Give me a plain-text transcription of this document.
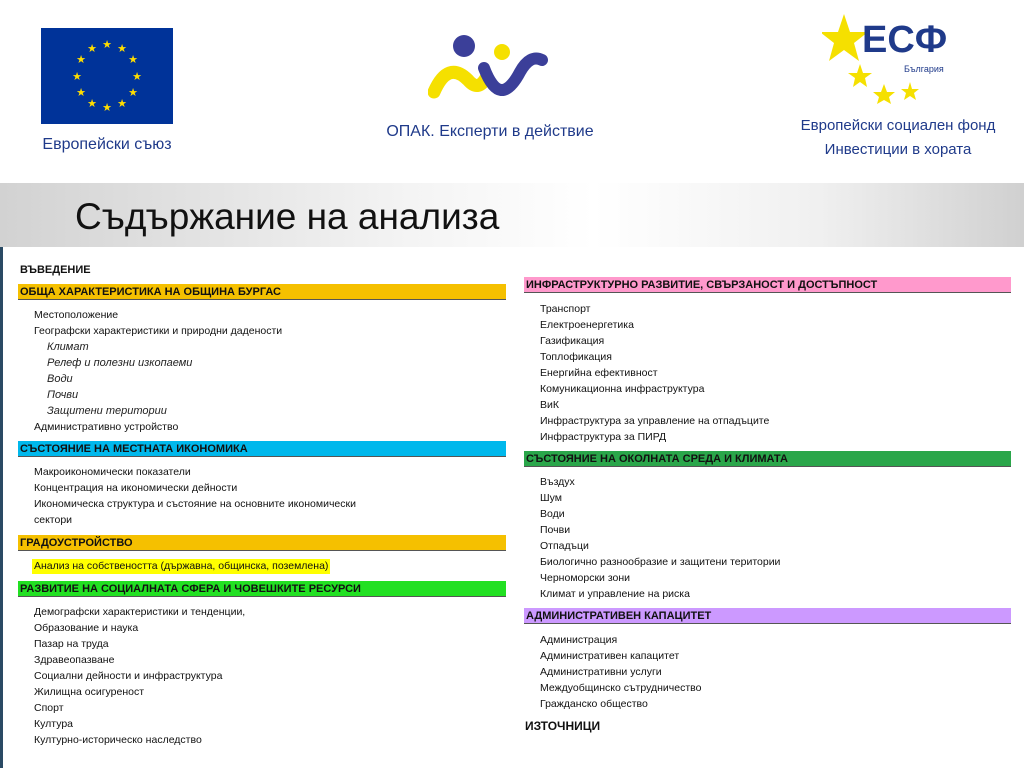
★ ★
★
★
★
★
★
★
★
★
★
★
Европейски съюз
ОПАК. Експерти в действие
ЕСФ
България
Европейски социален фонд
Инвестиции в хората
Съдържание на анализа
ВЪВЕДЕНИЕ
ОБЩА ХАРАКТЕРИСТИКА НА ОБЩИНА БУРГАС
Местоположение
Географски характеристики и природни дадености
Климат
Релеф и полезни изкопаеми
Води
Почви
Защитени територии
Административно устройство
СЪСТОЯНИЕ НА МЕСТНАТА ИКОНОМИКА
Макроикономически показатели
Концентрация на икономически дейности
Икономическа структура и състояние на основните икономически
сектори
ГРАДОУСТРОЙСТВО
Анализ на собствеността (държавна, общинска, поземлена)
РАЗВИТИЕ НА СОЦИАЛНАТА СФЕРА И ЧОВЕШКИТЕ РЕСУРСИ
Демографски характеристики и тенденции,
Образование и наука
Пазар на труда
Здравеопазване
Социални дейности и инфраструктура
Жилищна осигуреност
Спорт
Култура
Културно-историческо наследство
ИНФРАСТРУКТУРНО РАЗВИТИЕ, СВЪРЗАНОСТ И ДОСТЪПНОСТ
Транспорт
Електроенергетика
Газификация
Топлофикация
Енергийна ефективност
Комуникационна инфраструктура
ВиК
Инфраструктура за управление на отпадъците
Инфраструктура за ПИРД
СЪСТОЯНИЕ НА ОКОЛНАТА СРЕДА И КЛИМАТА
Въздух
Шум
Води
Почви
Отпадъци
Биологично разнообразие и защитени територии
Черноморски зони
Климат и управление на риска
АДМИНИСТРАТИВЕН КАПАЦИТЕТ
Администрация
Административен капацитет
Административни услуги
Междуобщинско сътрудничество
Гражданско общество
ИЗТОЧНИЦИ
